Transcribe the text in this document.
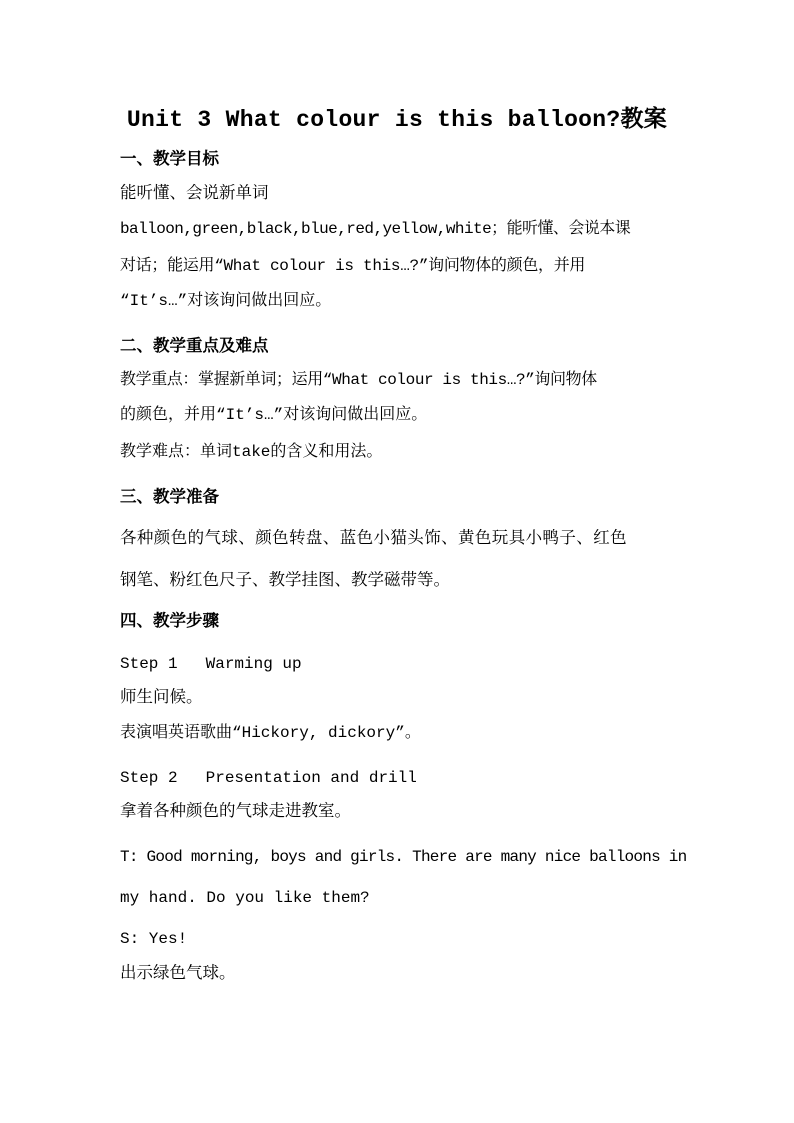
Unit 3 What colour is this balloon?教案
一、教学目标
能听懂、会说新单词
balloon,green,black,blue,red,yellow,white；能听懂、会说本课
对话；能运用“What colour is this…?”询问物体的颜色，并用
“It’s…”对该询问做出回应。
二、教学重点及难点
教学重点：掌握新单词；运用“What colour is this…?”询问物体
的颜色，并用“It’s…”对该询问做出回应。
教学难点：单词take的含义和用法。
三、教学准备
各种颜色的气球、颜色转盘、蓝色小猫头饰、黄色玩具小鸭子、红色
钢笔、粉红色尺子、教学挂图、教学磁带等。
四、教学步骤
Step 1 Warming up
师生问候。
表演唱英语歌曲“Hickory, dickory”。
Step 2 Presentation and drill
拿着各种颜色的气球走进教室。
T: Good morning, boys and girls. There are many nice balloons in
my hand. Do you like them?
S: Yes!
出示绿色气球。
